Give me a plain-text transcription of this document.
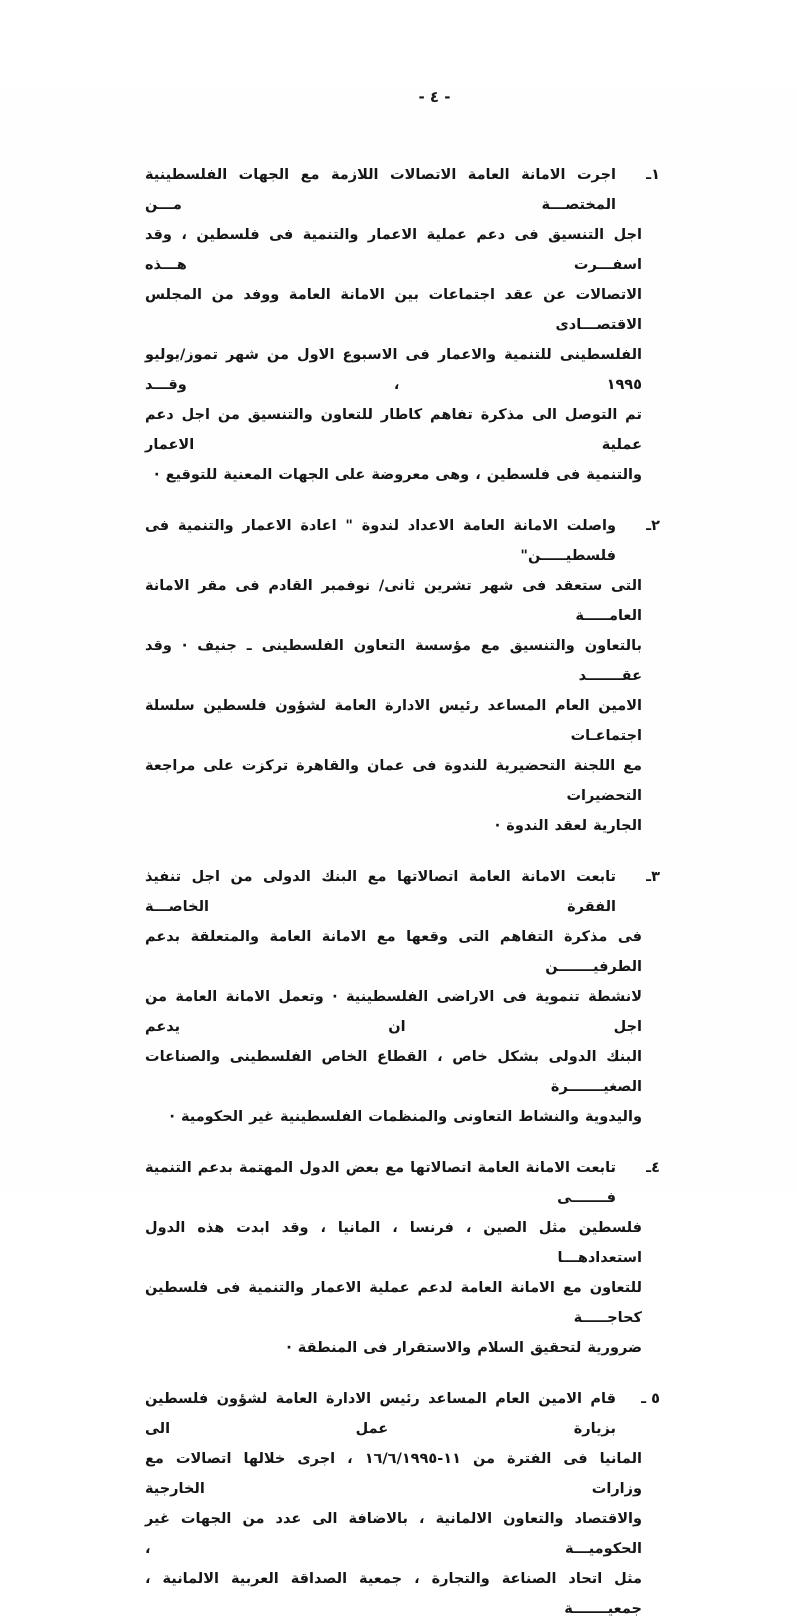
- ٤ -
١ـ
اجرت الامانة العامة الاتصالات اللازمة مع الجهات الفلسطينية المختصـــة مـــن
اجل التنسيق فى دعم عملية الاعمار والتنمية فى فلسطين ، وقد اسفـــرت هـــذه
الاتصالات عن عقد اجتماعات بين الامانة العامة ووفد من المجلس الاقتصـــادى
الفلسطينى للتنمية والاعمار فى الاسبوع الاول من شهر تموز/يوليو ١٩٩٥ ، وقـــد
تم التوصل الى مذكرة تفاهم كاطار للتعاون والتنسيق من اجل دعم عملية الاعمار
والتنمية فى فلسطين ، وهى معروضة على الجهات المعنية للتوقيع ·
٢ـ
واصلت الامانة العامة الاعداد لندوة " اعادة الاعمار والتنمية فى فلسطيـــــن"
التى ستعقد فى شهر تشرين ثانى/ نوفمبر القادم فى مقر الامانة العامـــــة
بالتعاون والتنسيق مع مؤسسة التعاون الفلسطينى ـ جنيف · وقد عقـــــــد
الامين العام المساعد رئيس الادارة العامة لشؤون فلسطين سلسلة اجتماعـات
مع اللجنة التحضيرية للندوة فى عمان والقاهرة تركزت على مراجعة التحضيرات
الجارية لعقد الندوة ·
٣ـ
تابعت الامانة العامة اتصالاتها مع البنك الدولى من اجل تنفيذ الفقرة الخاصـــة
فى مذكرة التفاهم التى وقعها مع الامانة العامة والمتعلقة بدعم الطرفيـــــــن
لانشطة تنموية فى الاراضى الفلسطينية · وتعمل الامانة العامة من اجل ان يدعم
البنك الدولى بشكل خاص ، القطاع الخاص الفلسطينى والصناعات الصغيـــــــرة
واليدوية والنشاط التعاونى والمنظمات الفلسطينية غير الحكومية ·
٤ـ
تابعت الامانة العامة اتصالاتها مع بعض الدول المهتمة بدعم التنمية فـــــــى
فلسطين مثل الصين ، فرنسا ، المانيا ، وقد ابدت هذه الدول استعدادهـــا
للتعاون مع الامانة العامة لدعم عملية الاعمار والتنمية فى فلسطين كحاجـــــة
ضرورية لتحقيق السلام والاستقرار فى المنطقة ·
٥ ـ
قام الامين العام المساعد رئيس الادارة العامة لشؤون فلسطين بزيارة عمل الى
المانيا فى الفترة من ١١-١٦/٦/١٩٩٥ ، اجرى خلالها اتصالات مع وزارات الخارجية
والاقتصاد والتعاون الالمانية ، بالاضافة الى عدد من الجهات غير الحكوميـــة ،
مثل اتحاد الصناعة والتجارة ، جمعية الصداقة العربية الالمانية ، جمعيـــــــة
